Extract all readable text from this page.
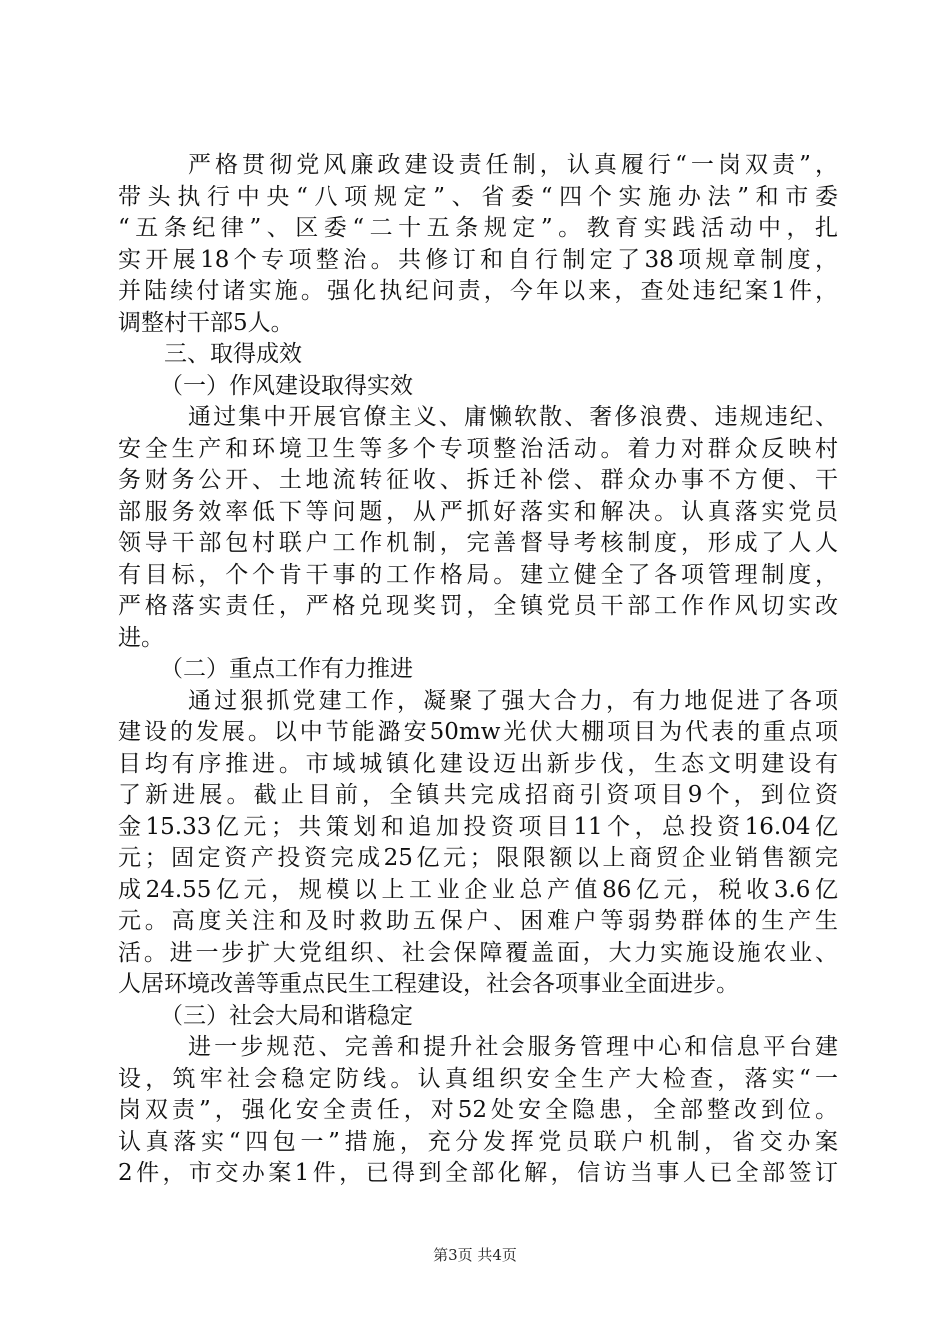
严格贯彻党风廉政建设责任制，认真履行“一岗双责”，
带头执行中央“八项规定”、省委“四个实施办法”和市委
“五条纪律”、区委“二十五条规定”。教育实践活动中，扎
实开展18个专项整治。共修订和自行制定了38项规章制度，
并陆续付诸实施。强化执纪问责，今年以来，查处违纪案1件，
调整村干部5人。
三、取得成效
（一）作风建设取得实效
通过集中开展官僚主义、庸懒软散、奢侈浪费、违规违纪、
安全生产和环境卫生等多个专项整治活动。着力对群众反映村
务财务公开、土地流转征收、拆迁补偿、群众办事不方便、干
部服务效率低下等问题，从严抓好落实和解决。认真落实党员
领导干部包村联户工作机制，完善督导考核制度，形成了人人
有目标，个个肯干事的工作格局。建立健全了各项管理制度，
严格落实责任，严格兑现奖罚，全镇党员干部工作作风切实改
进。
（二）重点工作有力推进
通过狠抓党建工作，凝聚了强大合力，有力地促进了各项
建设的发展。以中节能潞安50mw光伏大棚项目为代表的重点项
目均有序推进。市域城镇化建设迈出新步伐，生态文明建设有
了新进展。截止目前，全镇共完成招商引资项目9个，到位资
金15.33亿元；共策划和追加投资项目11个，总投资16.04亿
元；固定资产投资完成25亿元；限限额以上商贸企业销售额完
成24.55亿元，规模以上工业企业总产值86亿元，税收3.6亿
元。高度关注和及时救助五保户、困难户等弱势群体的生产生
活。进一步扩大党组织、社会保障覆盖面，大力实施设施农业、
人居环境改善等重点民生工程建设，社会各项事业全面进步。
（三）社会大局和谐稳定
进一步规范、完善和提升社会服务管理中心和信息平台建
设，筑牢社会稳定防线。认真组织安全生产大检查，落实“一
岗双责”，强化安全责任，对52处安全隐患，全部整改到位。
认真落实“四包一”措施，充分发挥党员联户机制，省交办案
2件，市交办案1件，已得到全部化解，信访当事人已全部签订
第3页 共4页
